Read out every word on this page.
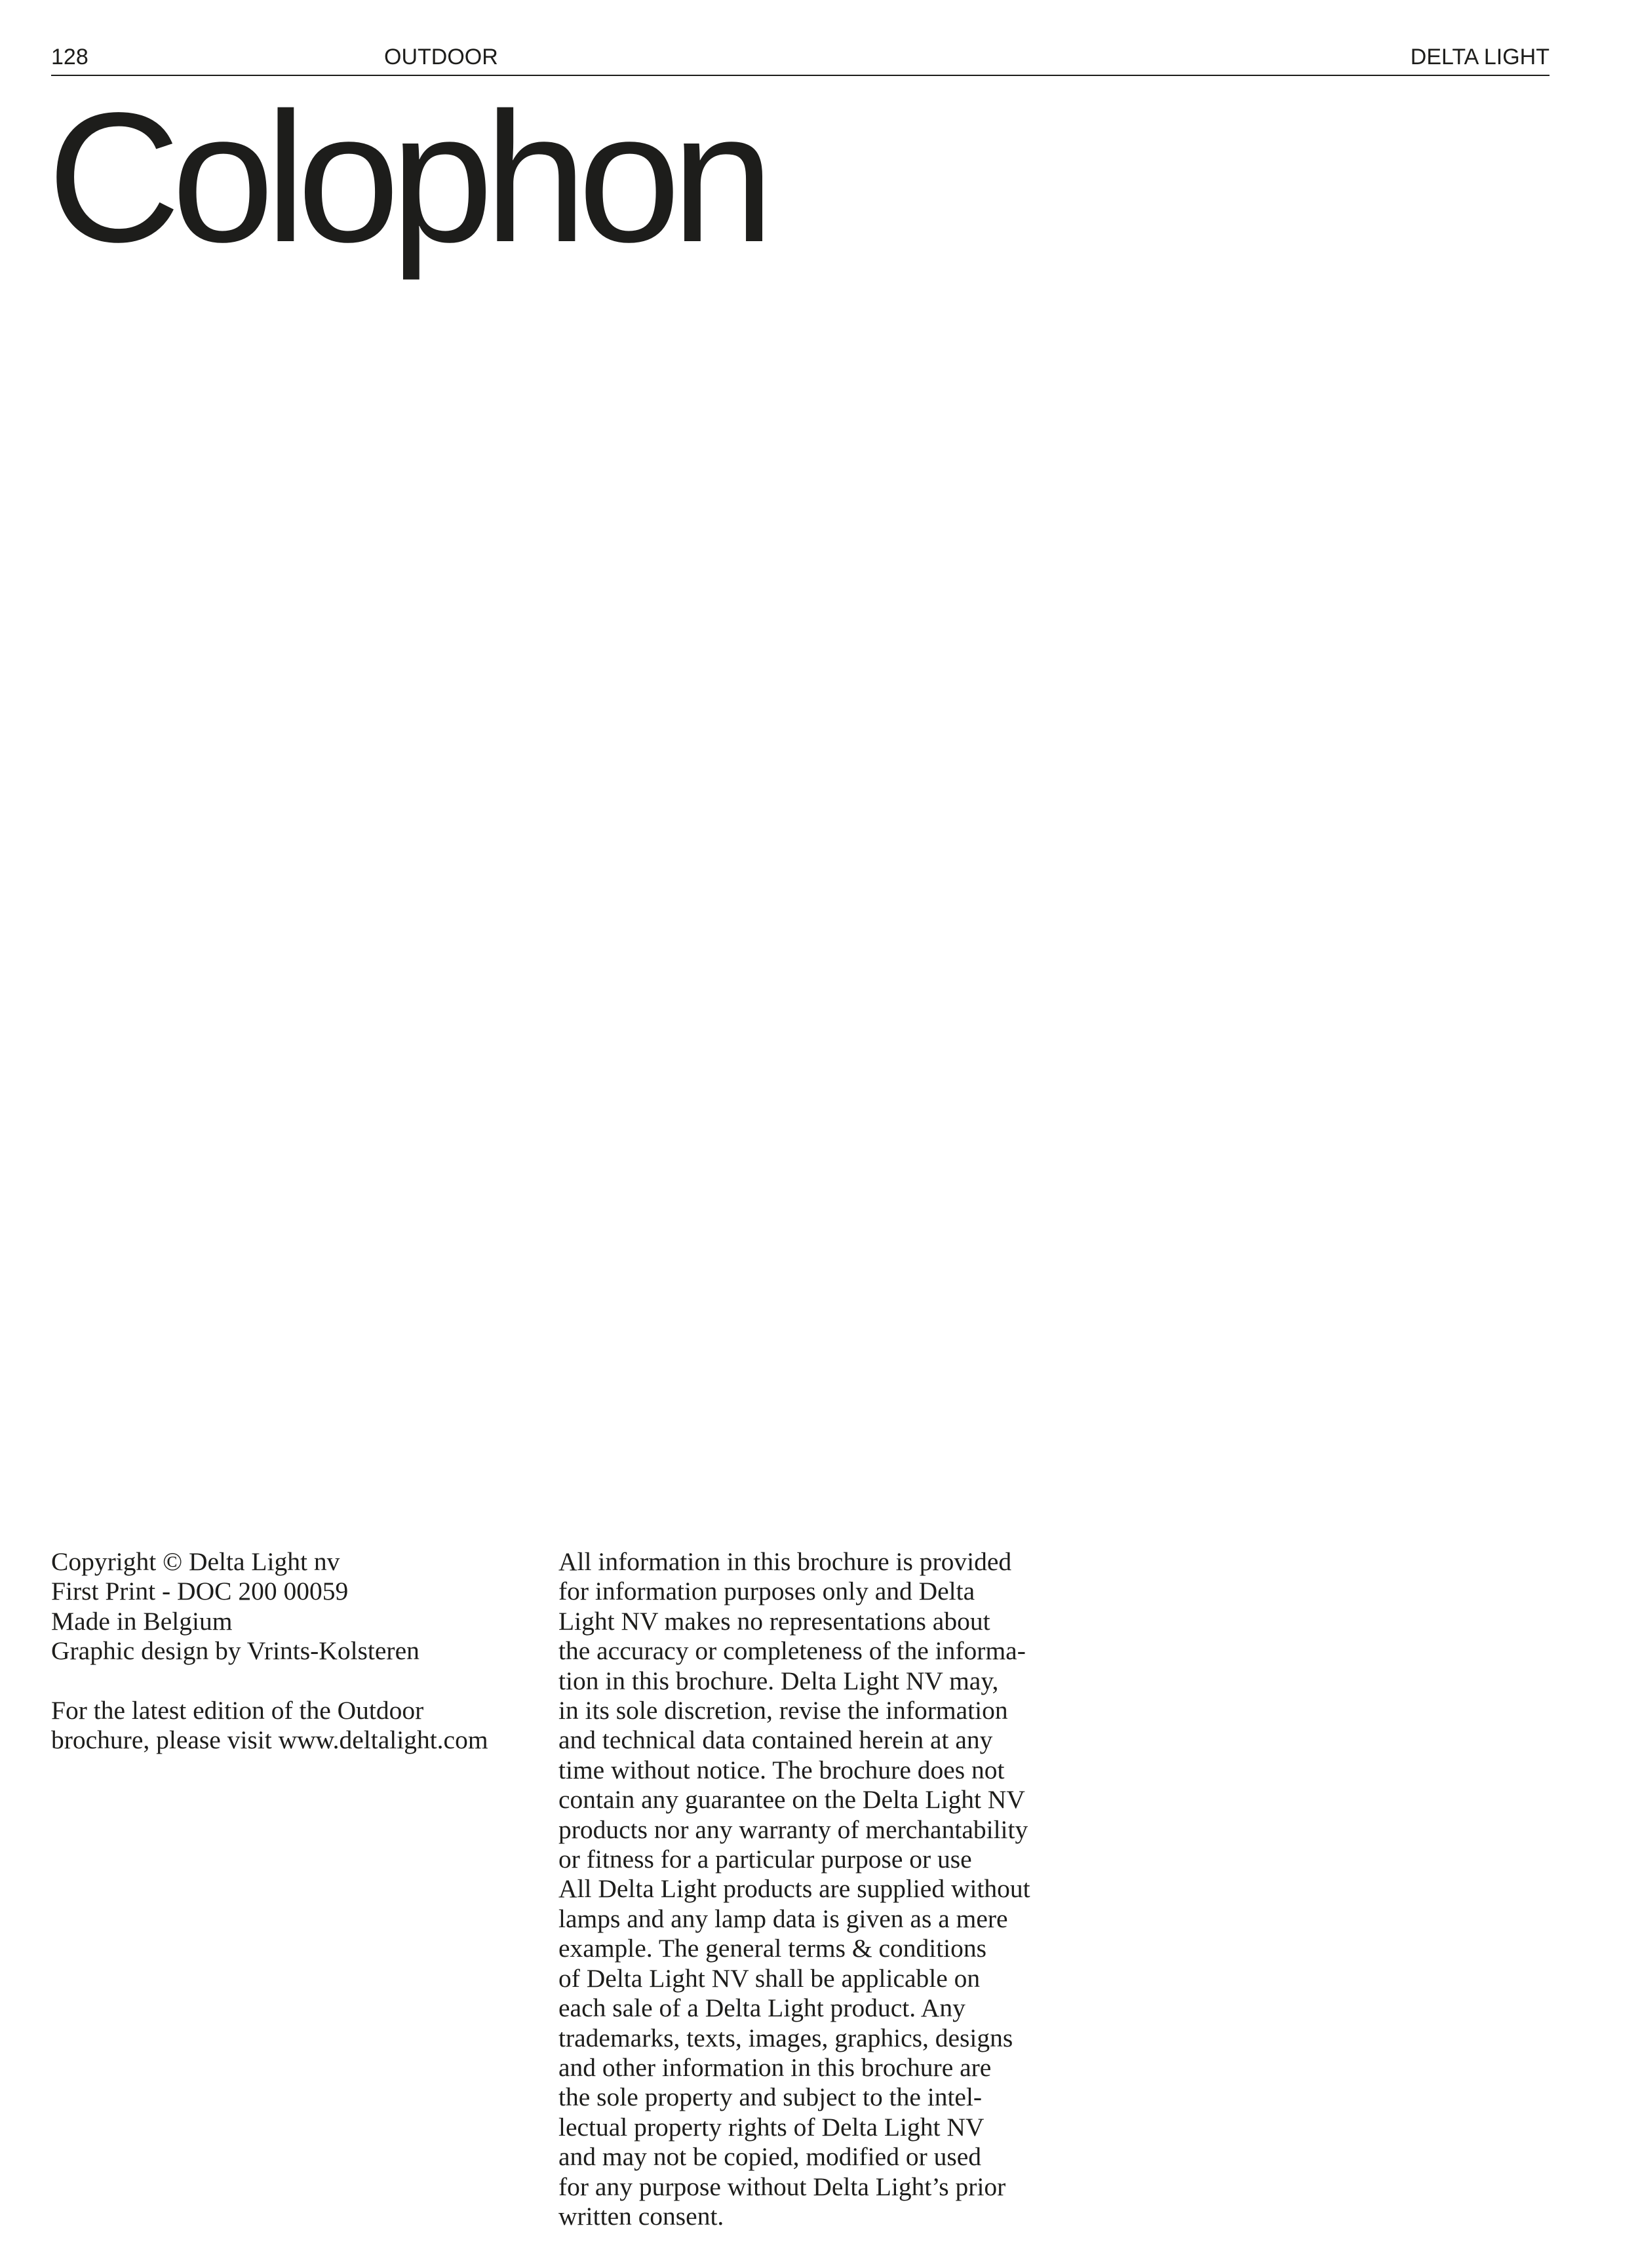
128	OUTDOOR	DELTA LIGHT
Colophon
Copyright © Delta Light nv
First Print - DOC 200 00059
Made in Belgium
Graphic design by Vrints-Kolsteren
For the latest edition of the Outdoor
brochure, please visit www.deltalight.com
All information in this brochure is provided
for information purposes only and Delta
Light NV makes no representations about
the accuracy or completeness of the informa-
tion in this brochure. Delta Light NV may,
in its sole discretion, revise the information
and technical data contained herein at any
time without notice. The brochure does not
contain any guarantee on the Delta Light NV
products nor any warranty of merchantability
or fitness for a particular purpose or use
All Delta Light products are supplied without
lamps and any lamp data is given as a mere
example. The general terms & conditions
of Delta Light NV shall be applicable on
each sale of a Delta Light product. Any
trademarks, texts, images, graphics, designs
and other information in this brochure are
the sole property and subject to the intel-
lectual property rights of Delta Light NV
and may not be copied, modified or used
for any purpose without Delta Light’s prior
written consent.
